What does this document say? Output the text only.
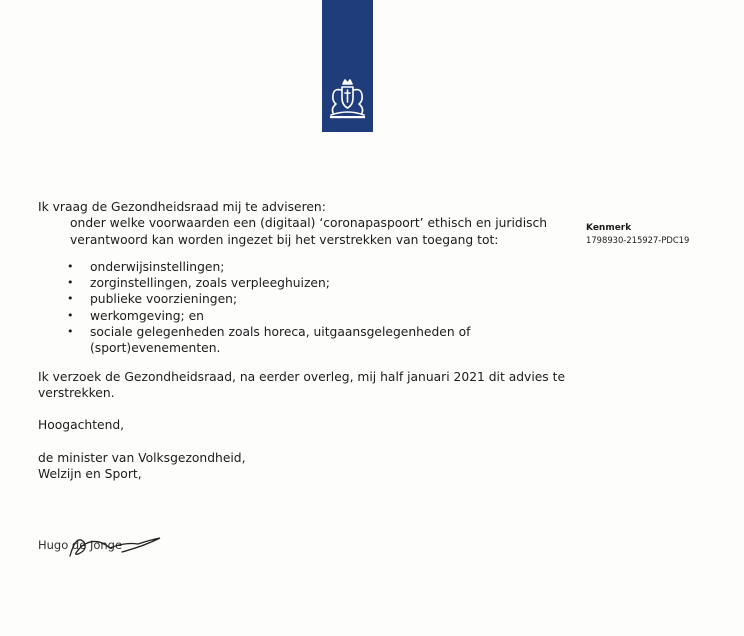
Kenmerk
1798930-215927-PDC19

Ik vraag de Gezondheidsraad mij te adviseren:

onder welke voorwaarden een (digitaal) ‘coronapaspoort’ ethisch en juridisch verantwoord kan worden ingezet bij het verstrekken van toegang tot:

• onderwijsinstellingen;
• zorginstellingen, zoals verpleeghuizen;
• publieke voorzieningen;
• werkomgeving; en
• sociale gelegenheden zoals horeca, uitgaansgelegenheden of (sport)evenementen.

Ik verzoek de Gezondheidsraad, na eerder overleg, mij half januari 2021 dit advies te verstrekken.

Hoogachtend,

de minister van Volksgezondheid,

Welzijn en Sport,

Hugo de Jonge
